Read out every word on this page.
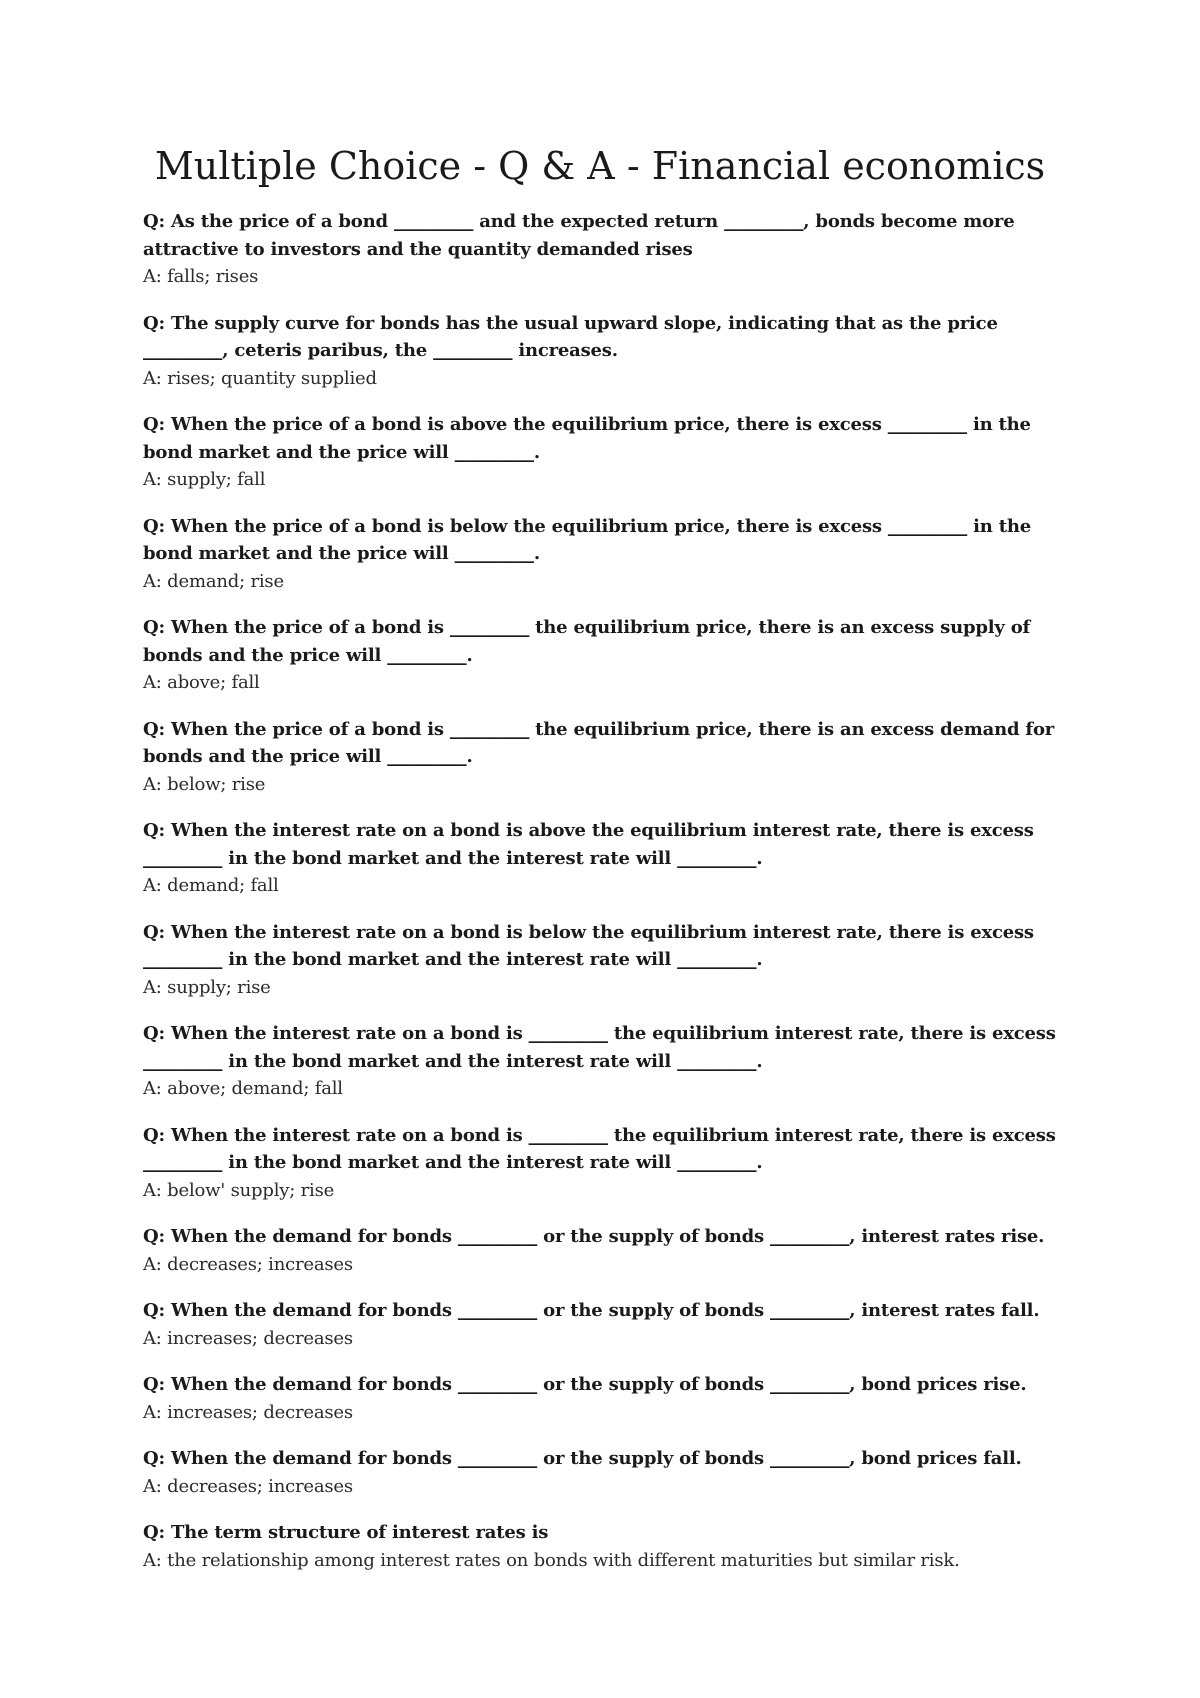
Multiple Choice - Q & A - Financial economics

Q: As the price of a bond _________ and the expected return _________, bonds become more attractive to investors and the quantity demanded rises

A: falls; rises

Q: The supply curve for bonds has the usual upward slope, indicating that as the price _________, ceteris paribus, the _________ increases.

A: rises; quantity supplied

Q: When the price of a bond is above the equilibrium price, there is excess _________ in the bond market and the price will _________.

A: supply; fall

Q: When the price of a bond is below the equilibrium price, there is excess _________ in the bond market and the price will _________.

A: demand; rise

Q: When the price of a bond is _________ the equilibrium price, there is an excess supply of bonds and the price will _________.

A: above; fall

Q: When the price of a bond is _________ the equilibrium price, there is an excess demand for bonds and the price will _________.

A: below; rise

Q: When the interest rate on a bond is above the equilibrium interest rate, there is excess _________ in the bond market and the interest rate will _________.

A: demand; fall

Q: When the interest rate on a bond is below the equilibrium interest rate, there is excess _________ in the bond market and the interest rate will _________.

A: supply; rise

Q: When the interest rate on a bond is _________ the equilibrium interest rate, there is excess _________ in the bond market and the interest rate will _________.

A: above; demand; fall

Q: When the interest rate on a bond is _________ the equilibrium interest rate, there is excess _________ in the bond market and the interest rate will _________.

A: below' supply; rise

Q: When the demand for bonds _________ or the supply of bonds _________, interest rates rise.

A: decreases; increases

Q: When the demand for bonds _________ or the supply of bonds _________, interest rates fall.

A: increases; decreases

Q: When the demand for bonds _________ or the supply of bonds _________, bond prices rise.

A: increases; decreases

Q: When the demand for bonds _________ or the supply of bonds _________, bond prices fall.

A: decreases; increases

Q: The term structure of interest rates is

A: the relationship among interest rates on bonds with different maturities but similar risk.
